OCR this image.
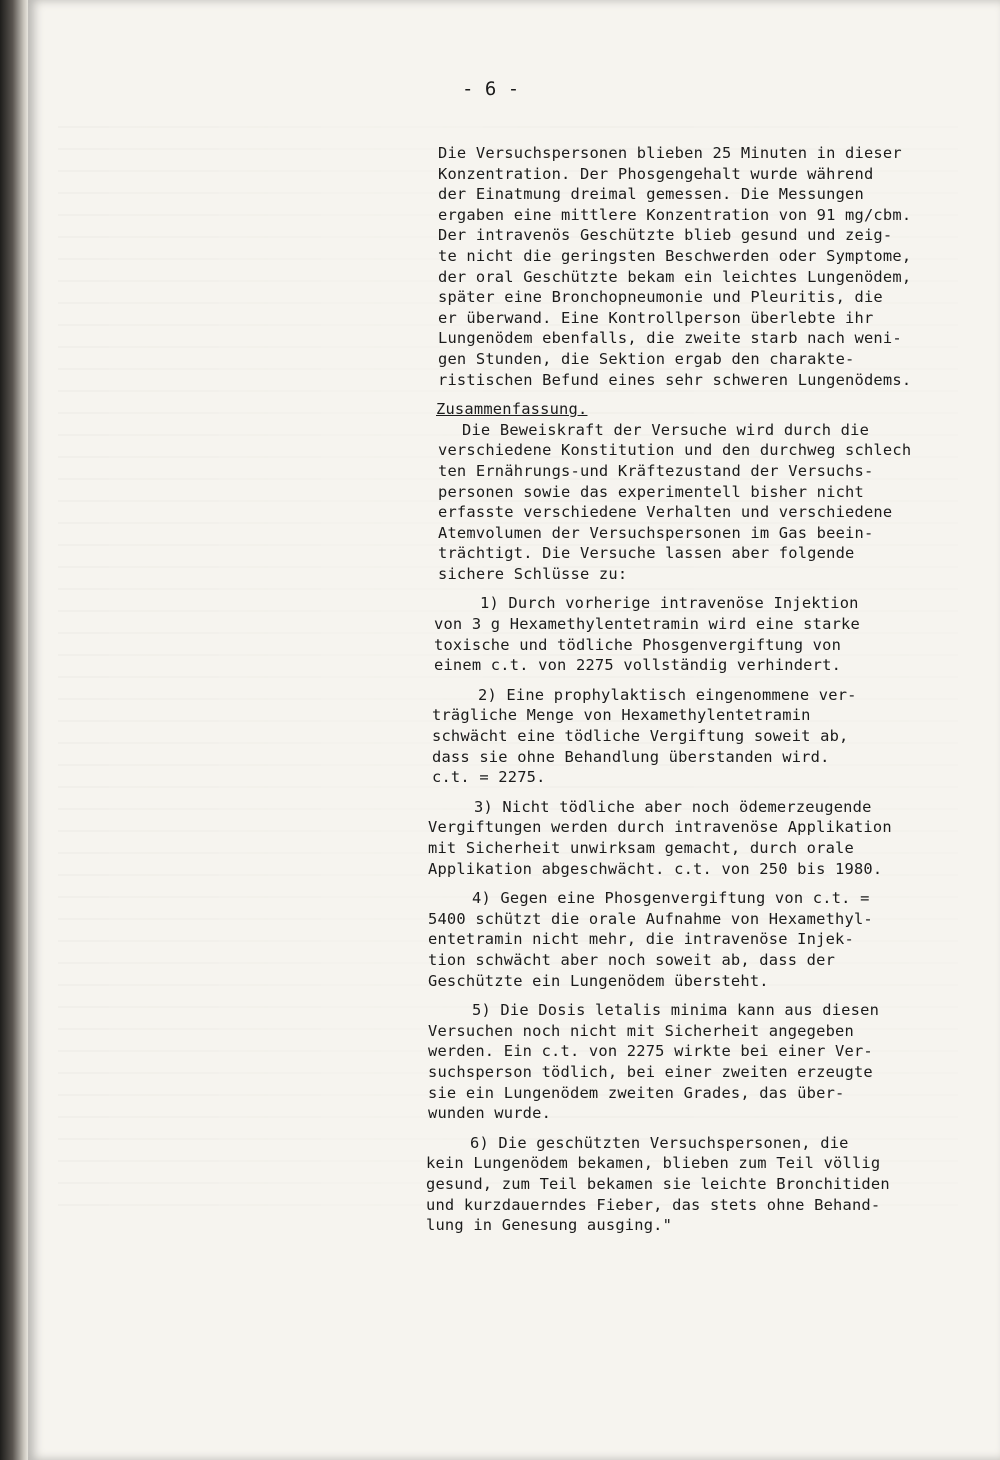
- 6 -
Die Versuchspersonen blieben 25 Minuten in dieser
Konzentration. Der Phosgengehalt wurde während
der Einatmung dreimal gemessen. Die Messungen
ergaben eine mittlere Konzentration von 91 mg/cbm.
Der intravenös Geschützte blieb gesund und zeig-
te nicht die geringsten Beschwerden oder Symptome,
der oral Geschützte bekam ein leichtes Lungenödem,
später eine Bronchopneumonie und Pleuritis, die
er überwand. Eine Kontrollperson überlebte ihr
Lungenödem ebenfalls, die zweite starb nach weni-
gen Stunden, die Sektion ergab den charakte-
ristischen Befund eines sehr schweren Lungenödems.
Zusammenfassung.
Die Beweiskraft der Versuche wird durch die
verschiedene Konstitution und den durchweg schlech
ten Ernährungs-und Kräftezustand der Versuchs-
personen sowie das experimentell bisher nicht
erfasste verschiedene Verhalten und verschiedene
Atemvolumen der Versuchspersonen im Gas beein-
trächtigt. Die Versuche lassen aber folgende
sichere Schlüsse zu:
1) Durch vorherige intravenöse Injektion
von 3 g Hexamethylentetramin wird eine starke
toxische und tödliche Phosgenvergiftung von
einem c.t. von 2275 vollständig verhindert.
2) Eine prophylaktisch eingenommene ver-
trägliche Menge von Hexamethylentetramin
schwächt eine tödliche Vergiftung soweit ab,
dass sie ohne Behandlung überstanden wird.
c.t. = 2275.
3) Nicht tödliche aber noch ödemerzeugende
Vergiftungen werden durch intravenöse Applikation
mit Sicherheit unwirksam gemacht, durch orale
Applikation abgeschwächt. c.t. von 250 bis 1980.
4) Gegen eine Phosgenvergiftung von c.t. =
5400 schützt die orale Aufnahme von Hexamethyl-
entetramin nicht mehr, die intravenöse Injek-
tion schwächt aber noch soweit ab, dass der
Geschützte ein Lungenödem übersteht.
5) Die Dosis letalis minima kann aus diesen
Versuchen noch nicht mit Sicherheit angegeben
werden. Ein c.t. von 2275 wirkte bei einer Ver-
suchsperson tödlich, bei einer zweiten erzeugte
sie ein Lungenödem zweiten Grades, das über-
wunden wurde.
6) Die geschützten Versuchspersonen, die
kein Lungenödem bekamen, blieben zum Teil völlig
gesund, zum Teil bekamen sie leichte Bronchitiden
und kurzdauerndes Fieber, das stets ohne Behand-
lung in Genesung ausging."
